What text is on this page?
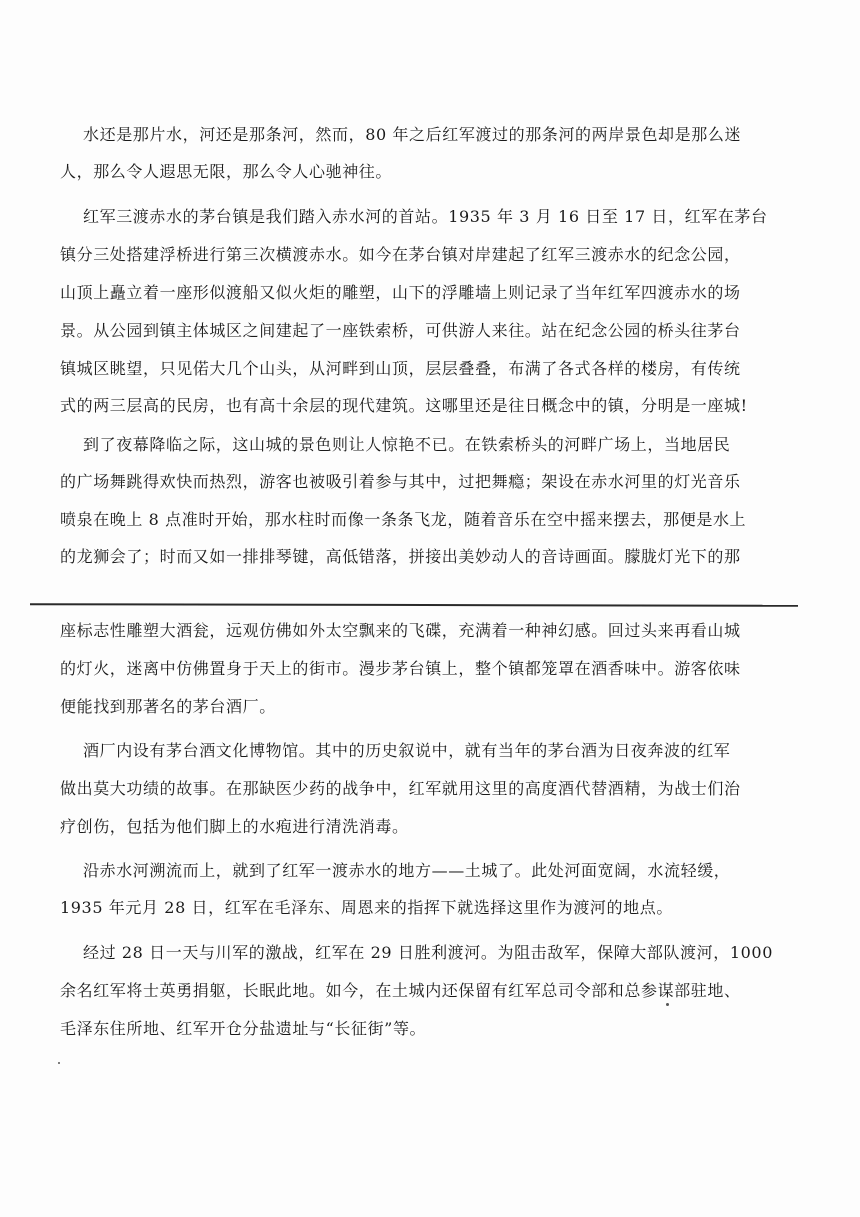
水还是那片水，河还是那条河，然而，80 年之后红军渡过的那条河的两岸景色却是那么迷
人，那么令人遐思无限，那么令人心驰神往。
红军三渡赤水的茅台镇是我们踏入赤水河的首站。1935 年 3 月 16 日至 17 日，红军在茅台
镇分三处搭建浮桥进行第三次横渡赤水。如今在茅台镇对岸建起了红军三渡赤水的纪念公园，
山顶上矗立着一座形似渡船又似火炬的雕塑，山下的浮雕墙上则记录了当年红军四渡赤水的场
景。从公园到镇主体城区之间建起了一座铁索桥，可供游人来往。站在纪念公园的桥头往茅台
镇城区眺望，只见偌大几个山头，从河畔到山顶，层层叠叠，布满了各式各样的楼房，有传统
式的两三层高的民房，也有高十余层的现代建筑。这哪里还是往日概念中的镇，分明是一座城!
到了夜幕降临之际，这山城的景色则让人惊艳不已。在铁索桥头的河畔广场上，当地居民
的广场舞跳得欢快而热烈，游客也被吸引着参与其中，过把舞瘾；架设在赤水河里的灯光音乐
喷泉在晚上 8 点准时开始，那水柱时而像一条条飞龙，随着音乐在空中摇来摆去，那便是水上
的龙狮会了；时而又如一排排琴键，高低错落，拼接出美妙动人的音诗画面。朦胧灯光下的那
座标志性雕塑大酒瓮，远观仿佛如外太空飘来的飞碟，充满着一种神幻感。回过头来再看山城
的灯火，迷离中仿佛置身于天上的街市。漫步茅台镇上，整个镇都笼罩在酒香味中。游客依味
便能找到那著名的茅台酒厂。
酒厂内设有茅台酒文化博物馆。其中的历史叙说中，就有当年的茅台酒为日夜奔波的红军
做出莫大功绩的故事。在那缺医少药的战争中，红军就用这里的高度酒代替酒精，为战士们治
疗创伤，包括为他们脚上的水疱进行清洗消毒。
沿赤水河溯流而上，就到了红军一渡赤水的地方——土城了。此处河面宽阔，水流轻缓，
1935 年元月 28 日，红军在毛泽东、周恩来的指挥下就选择这里作为渡河的地点。
经过 28 日一天与川军的激战，红军在 29 日胜利渡河。为阻击敌军，保障大部队渡河，1000
余名红军将士英勇捐躯，长眠此地。如今，在土城内还保留有红军总司令部和总参谋部驻地、
毛泽东住所地、红军开仓分盐遗址与“长征街”等。
